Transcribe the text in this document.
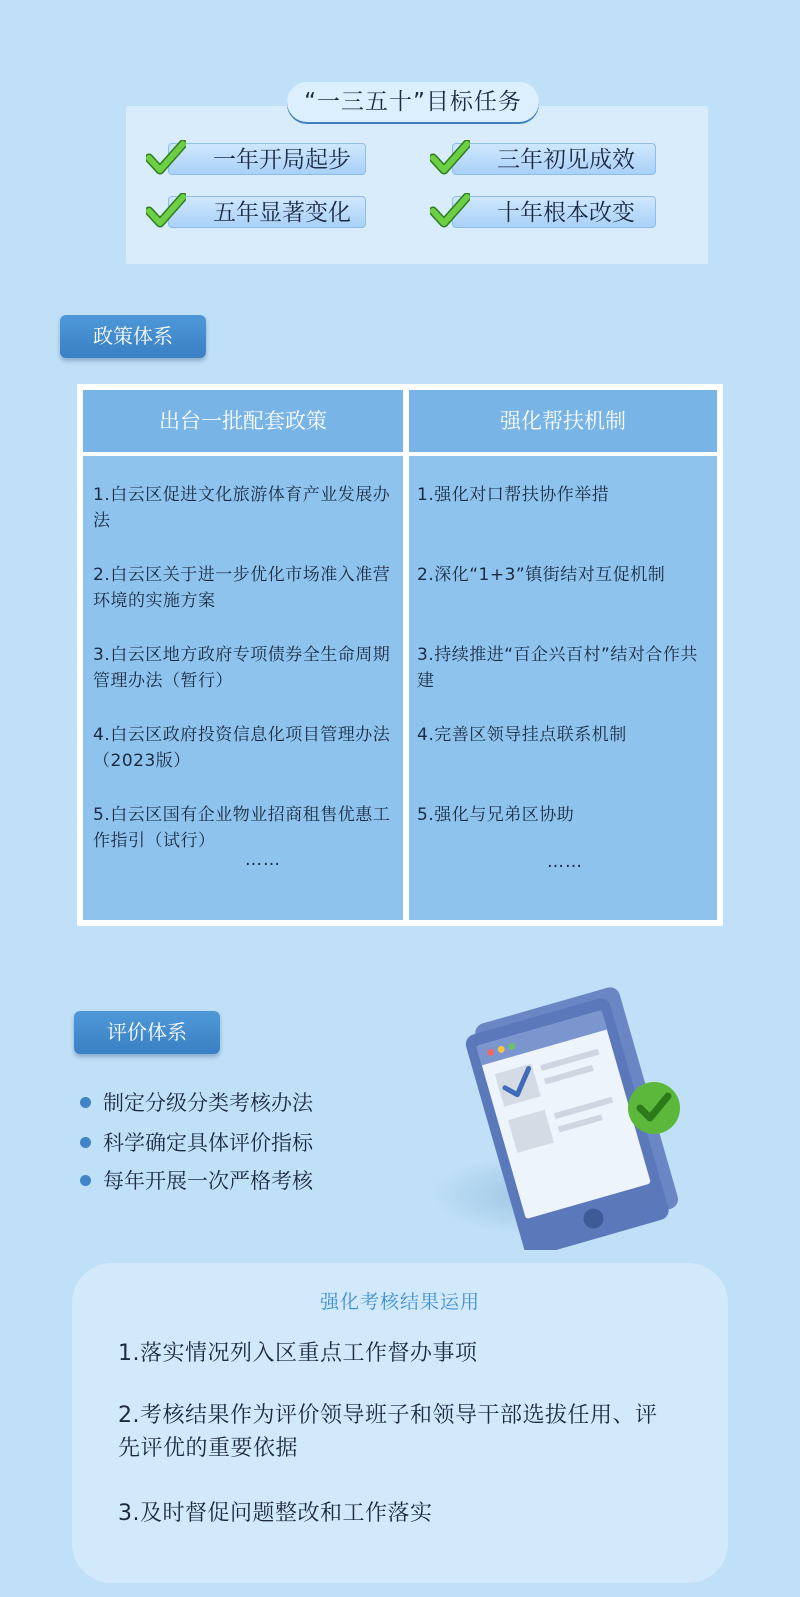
“一三五十”目标任务
一年开局起步	三年初见成效
五年显著变化	十年根本改变
政策体系
出台一批配套政策	强化帮扶机制
1.白云区促进文化旅游体育产业发展办法
2.白云区关于进一步优化市场准入准营环境的实施方案
3.白云区地方政府专项债券全生命周期管理办法（暂行）
4.白云区政府投资信息化项目管理办法（2023版）
5.白云区国有企业物业招商租售优惠工作指引（试行）
……
1.强化对口帮扶协作举措
2.深化“1+3”镇街结对互促机制
3.持续推进“百企兴百村”结对合作共建
4.完善区领导挂点联系机制
5.强化与兄弟区协助
……
评价体系
制定分级分类考核办法
科学确定具体评价指标
每年开展一次严格考核
强化考核结果运用
1.落实情况列入区重点工作督办事项
2.考核结果作为评价领导班子和领导干部选拔任用、评先评优的重要依据
3.及时督促问题整改和工作落实
